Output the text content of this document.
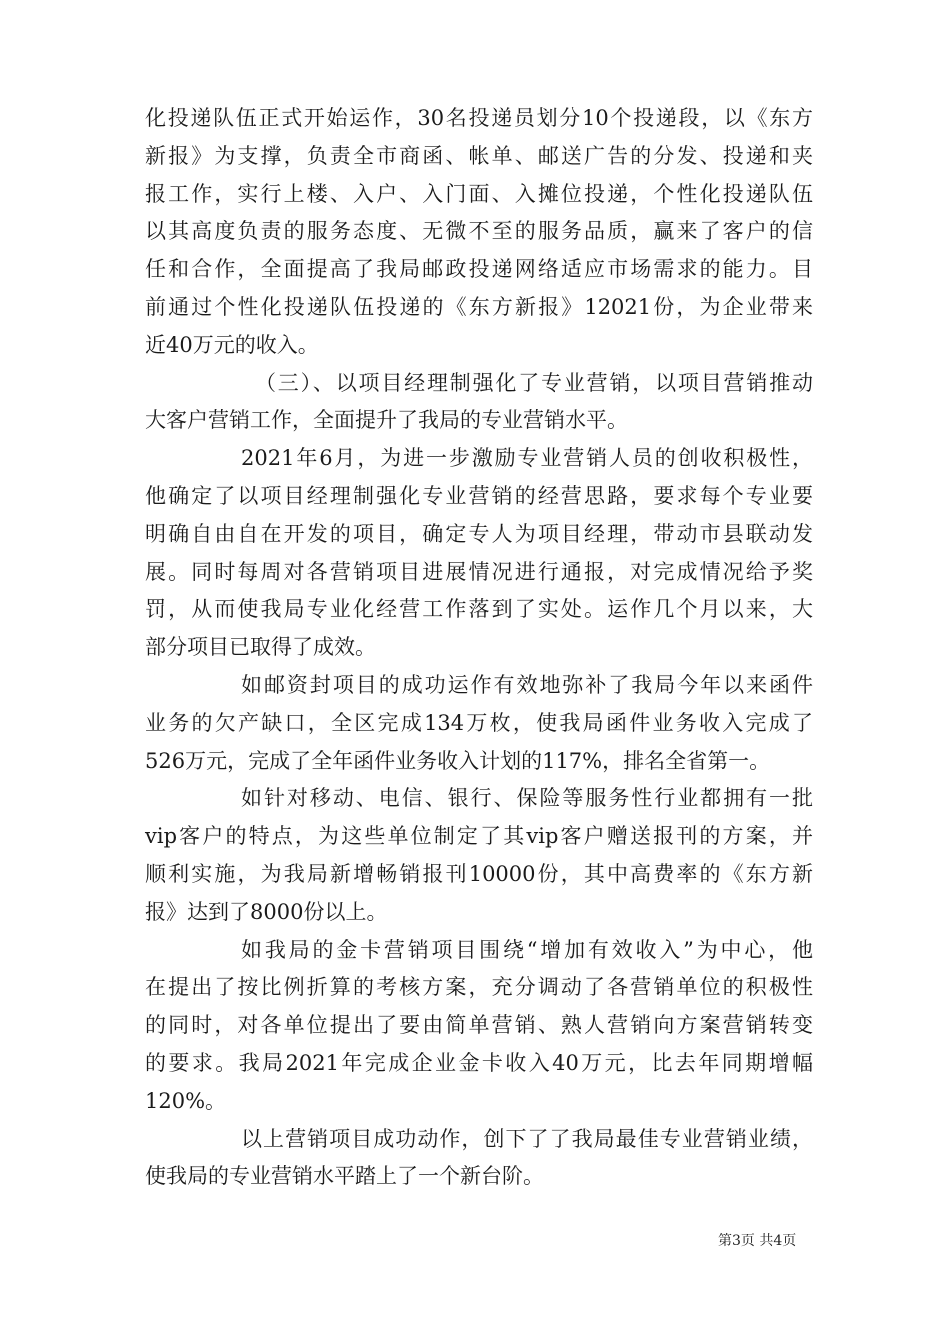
化投递队伍正式开始运作，30名投递员划分10个投递段，以《东方
新报》为支撑，负责全市商函、帐单、邮送广告的分发、投递和夹
报工作，实行上楼、入户、入门面、入摊位投递，个性化投递队伍
以其高度负责的服务态度、无微不至的服务品质，赢来了客户的信
任和合作，全面提高了我局邮政投递网络适应市场需求的能力。目
前通过个性化投递队伍投递的《东方新报》12021份，为企业带来
近40万元的收入。
（三）、以项目经理制强化了专业营销，以项目营销推动
大客户营销工作，全面提升了我局的专业营销水平。
2021年6月，为进一步激励专业营销人员的创收积极性，
他确定了以项目经理制强化专业营销的经营思路，要求每个专业要
明确自由自在开发的项目，确定专人为项目经理，带动市县联动发
展。同时每周对各营销项目进展情况进行通报，对完成情况给予奖
罚，从而使我局专业化经营工作落到了实处。运作几个月以来，大
部分项目已取得了成效。
如邮资封项目的成功运作有效地弥补了我局今年以来函件
业务的欠产缺口，全区完成134万枚，使我局函件业务收入完成了
526万元，完成了全年函件业务收入计划的117%，排名全省第一。
如针对移动、电信、银行、保险等服务性行业都拥有一批
vip客户的特点，为这些单位制定了其vip客户赠送报刊的方案，并
顺利实施，为我局新增畅销报刊10000份，其中高费率的《东方新
报》达到了8000份以上。
如我局的金卡营销项目围绕“增加有效收入”为中心，他
在提出了按比例折算的考核方案，充分调动了各营销单位的积极性
的同时，对各单位提出了要由简单营销、熟人营销向方案营销转变
的要求。我局2021年完成企业金卡收入40万元，比去年同期增幅
120%。
以上营销项目成功动作，创下了了我局最佳专业营销业绩，
使我局的专业营销水平踏上了一个新台阶。
第3页 共4页
